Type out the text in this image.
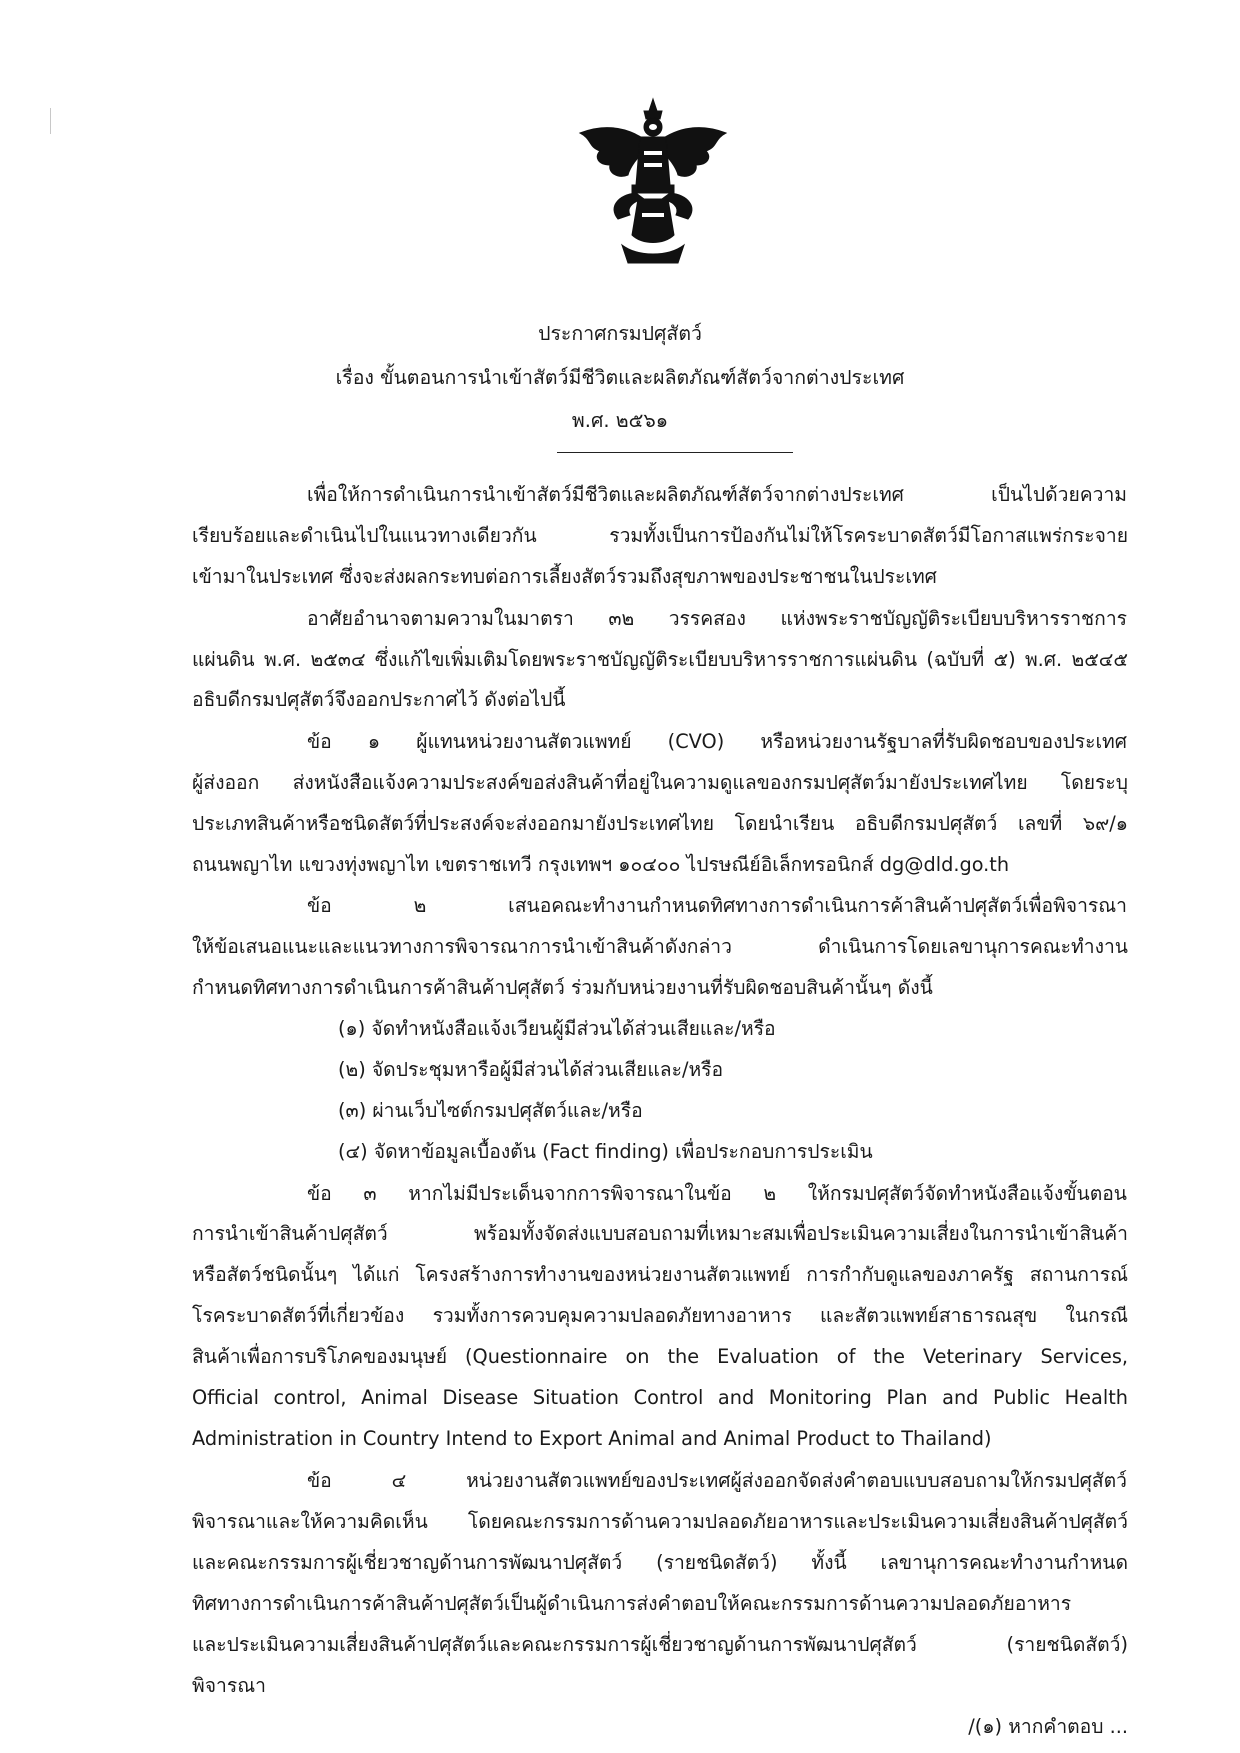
ประกาศกรมปศุสัตว์
เรื่อง ขั้นตอนการนำเข้าสัตว์มีชีวิตและผลิตภัณฑ์สัตว์จากต่างประเทศ
พ.ศ. ๒๕๖๑
เพื่อให้การดำเนินการนำเข้าสัตว์มีชีวิตและผลิตภัณฑ์สัตว์จากต่างประเทศ เป็นไปด้วยความ
เรียบร้อยและดำเนินไปในแนวทางเดียวกัน รวมทั้งเป็นการป้องกันไม่ให้โรคระบาดสัตว์มีโอกาสแพร่กระจาย
เข้ามาในประเทศ ซึ่งจะส่งผลกระทบต่อการเลี้ยงสัตว์รวมถึงสุขภาพของประชาชนในประเทศ
อาศัยอำนาจตามความในมาตรา ๓๒ วรรคสอง แห่งพระราชบัญญัติระเบียบบริหารราชการ
แผ่นดิน พ.ศ. ๒๕๓๔ ซึ่งแก้ไขเพิ่มเติมโดยพระราชบัญญัติระเบียบบริหารราชการแผ่นดิน (ฉบับที่ ๕) พ.ศ. ๒๕๔๕
อธิบดีกรมปศุสัตว์จึงออกประกาศไว้ ดังต่อไปนี้
ข้อ ๑ ผู้แทนหน่วยงานสัตวแพทย์ (CVO) หรือหน่วยงานรัฐบาลที่รับผิดชอบของประเทศ
ผู้ส่งออก ส่งหนังสือแจ้งความประสงค์ขอส่งสินค้าที่อยู่ในความดูแลของกรมปศุสัตว์มายังประเทศไทย โดยระบุ
ประเภทสินค้าหรือชนิดสัตว์ที่ประสงค์จะส่งออกมายังประเทศไทย โดยนำเรียน อธิบดีกรมปศุสัตว์ เลขที่ ๖๙/๑
ถนนพญาไท แขวงทุ่งพญาไท เขตราชเทวี กรุงเทพฯ ๑๐๔๐๐ ไปรษณีย์อิเล็กทรอนิกส์ dg@dld.go.th
ข้อ ๒ เสนอคณะทำงานกำหนดทิศทางการดำเนินการค้าสินค้าปศุสัตว์เพื่อพิจารณา
ให้ข้อเสนอแนะและแนวทางการพิจารณาการนำเข้าสินค้าดังกล่าว ดำเนินการโดยเลขานุการคณะทำงาน
กำหนดทิศทางการดำเนินการค้าสินค้าปศุสัตว์ ร่วมกับหน่วยงานที่รับผิดชอบสินค้านั้นๆ ดังนี้
(๑) จัดทำหนังสือแจ้งเวียนผู้มีส่วนได้ส่วนเสียและ/หรือ
(๒) จัดประชุมหารือผู้มีส่วนได้ส่วนเสียและ/หรือ
(๓) ผ่านเว็บไซต์กรมปศุสัตว์และ/หรือ
(๔) จัดหาข้อมูลเบื้องต้น (Fact finding) เพื่อประกอบการประเมิน
ข้อ ๓ หากไม่มีประเด็นจากการพิจารณาในข้อ ๒ ให้กรมปศุสัตว์จัดทำหนังสือแจ้งขั้นตอน
การนำเข้าสินค้าปศุสัตว์ พร้อมทั้งจัดส่งแบบสอบถามที่เหมาะสมเพื่อประเมินความเสี่ยงในการนำเข้าสินค้า
หรือสัตว์ชนิดนั้นๆ ได้แก่ โครงสร้างการทำงานของหน่วยงานสัตวแพทย์ การกำกับดูแลของภาครัฐ สถานการณ์
โรคระบาดสัตว์ที่เกี่ยวข้อง รวมทั้งการควบคุมความปลอดภัยทางอาหาร และสัตวแพทย์สาธารณสุข ในกรณี
สินค้าเพื่อการบริโภคของมนุษย์ (Questionnaire on the Evaluation of the Veterinary Services,
Official control, Animal Disease Situation Control and Monitoring Plan and Public Health
Administration in Country Intend to Export Animal and Animal Product to Thailand)
ข้อ ๔ หน่วยงานสัตวแพทย์ของประเทศผู้ส่งออกจัดส่งคำตอบแบบสอบถามให้กรมปศุสัตว์
พิจารณาและให้ความคิดเห็น โดยคณะกรรมการด้านความปลอดภัยอาหารและประเมินความเสี่ยงสินค้าปศุสัตว์
และคณะกรรมการผู้เชี่ยวชาญด้านการพัฒนาปศุสัตว์ (รายชนิดสัตว์) ทั้งนี้ เลขานุการคณะทำงานกำหนด
ทิศทางการดำเนินการค้าสินค้าปศุสัตว์เป็นผู้ดำเนินการส่งคำตอบให้คณะกรรมการด้านความปลอดภัยอาหาร
และประเมินความเสี่ยงสินค้าปศุสัตว์และคณะกรรมการผู้เชี่ยวชาญด้านการพัฒนาปศุสัตว์ (รายชนิดสัตว์)
พิจารณา
/(๑) หากคำตอบ ...
